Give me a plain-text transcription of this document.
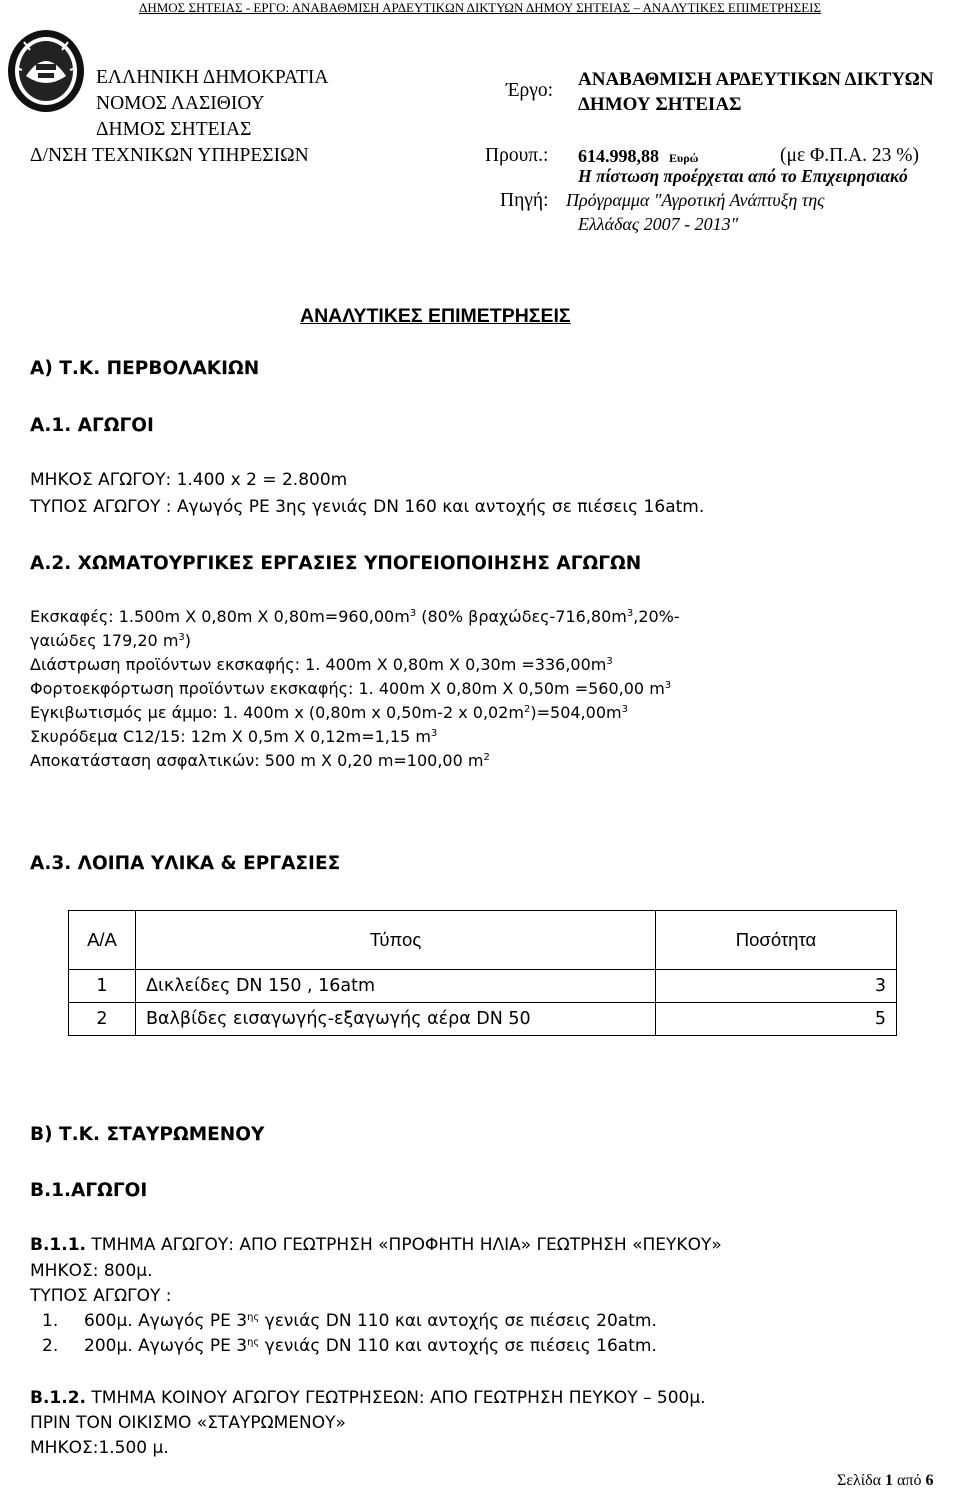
ΔΗΜΟΣ ΣΗΤΕΙΑΣ - ΕΡΓΟ: ΑΝΑΒΑΘΜΙΣΗ ΑΡΔΕΥΤΙΚΩΝ ΔΙΚΤΥΩΝ ΔΗΜΟΥ ΣΗΤΕΙΑΣ – ΑΝΑΛΥΤΙΚΕΣ ΕΠΙΜΕΤΡΗΣΕΙΣ
ΕΛΛΗΝΙΚΗ ΔΗΜΟΚΡΑΤΙΑ
ΝΟΜΟΣ ΛΑΣΙΘΙΟΥ
ΔΗΜΟΣ ΣΗΤΕΙΑΣ
Δ/ΝΣΗ ΤΕΧΝΙΚΩΝ ΥΠΗΡΕΣΙΩΝ
Έργο:
ΑΝΑΒΑΘΜΙΣΗ ΑΡΔΕΥΤΙΚΩΝ ΔΙΚΤΥΩΝ
ΔΗΜΟΥ ΣΗΤΕΙΑΣ
Προυπ.: 614.998,88 Ευρώ	(με Φ.Π.Α. 23 %)
Πηγή:
Η πίστωση προέρχεται από το Επιχειρησιακό
Πρόγραμμα "Αγροτική Ανάπτυξη της
Ελλάδας 2007 - 2013"
ΑΝΑΛΥΤΙΚΕΣ ΕΠΙΜΕΤΡΗΣΕΙΣ
Α) Τ.Κ. ΠΕΡΒΟΛΑΚΙΩΝ
Α.1. ΑΓΩΓΟΙ
ΜΗΚΟΣ ΑΓΩΓΟΥ: 1.400 x 2 = 2.800m
ΤΥΠΟΣ ΑΓΩΓΟΥ : Αγωγός PE 3ης γενιάς DN 160 και αντοχής σε πιέσεις 16atm.
Α.2. ΧΩΜΑΤΟΥΡΓΙΚΕΣ ΕΡΓΑΣΙΕΣ ΥΠΟΓΕΙΟΠΟΙΗΣΗΣ ΑΓΩΓΩΝ
Εκσκαφές: 1.500m Χ 0,80m Χ $0,80m=960,00m^3$ (80% βραχώδες-$716,80m^3,20\%-$
γαιώδες 179,20 $m^3$)
Διάστρωση προϊόντων εκσκαφής: 1. 400m Χ 0,80m Χ $0,30m =336,00m^3$
Φορτοεκφόρτωση προϊόντων εκσκαφής: 1. 400m Χ 0,80m Χ 0,50m =560,00 $m^3$
Εγκιβωτισμός με άμμο: 1. 400m x (0,80m x 0,50m-2 x $0,02m^2)=504,00m^3$
Σκυρόδεμα C12/15: 12m Χ 0,5m Χ 0,12m=1,15 $m^3$
Αποκατάσταση ασφαλτικών: 500 m Χ 0,20 m=100,00 $m^2$
Α.3. ΛΟΙΠΑ ΥΛΙΚΑ & ΕΡΓΑΣΙΕΣ
Α/Α	Τύπος	Ποσότητα
1	Δικλείδες DN 150 , 16atm	3
2	Βαλβίδες εισαγωγής-εξαγωγής αέρα DN 50	5
Β) Τ.Κ. ΣΤΑΥΡΩΜΕΝΟΥ
Β.1.ΑΓΩΓΟΙ
Β.1.1. ΤΜΗΜΑ ΑΓΩΓΟΥ: ΑΠΟ ΓΕΩΤΡΗΣΗ «ΠΡΟΦΗΤΗ ΗΛΙΑ» ΓΕΩΤΡΗΣΗ «ΠΕΥΚΟΥ»
ΜΗΚΟΣ: 800μ.
ΤΥΠΟΣ ΑΓΩΓΟΥ :
1. 600μ. Αγωγός PE $3^{\eta\varsigma}$ γενιάς DN 110 και αντοχής σε πιέσεις 20atm.
2. 200μ. Αγωγός PE $3^{\eta\varsigma}$ γενιάς DN 110 και αντοχής σε πιέσεις 16atm.
Β.1.2. ΤΜΗΜΑ ΚΟΙΝΟΥ ΑΓΩΓΟΥ ΓΕΩΤΡΗΣΕΩΝ: ΑΠΟ ΓΕΩΤΡΗΣΗ ΠΕΥΚΟΥ – 500μ.
ΠΡΙΝ ΤΟΝ ΟΙΚΙΣΜΟ «ΣΤΑΥΡΩΜΕΝΟΥ»
ΜΗΚΟΣ:1.500 μ.
Σελίδα 1 από 6
